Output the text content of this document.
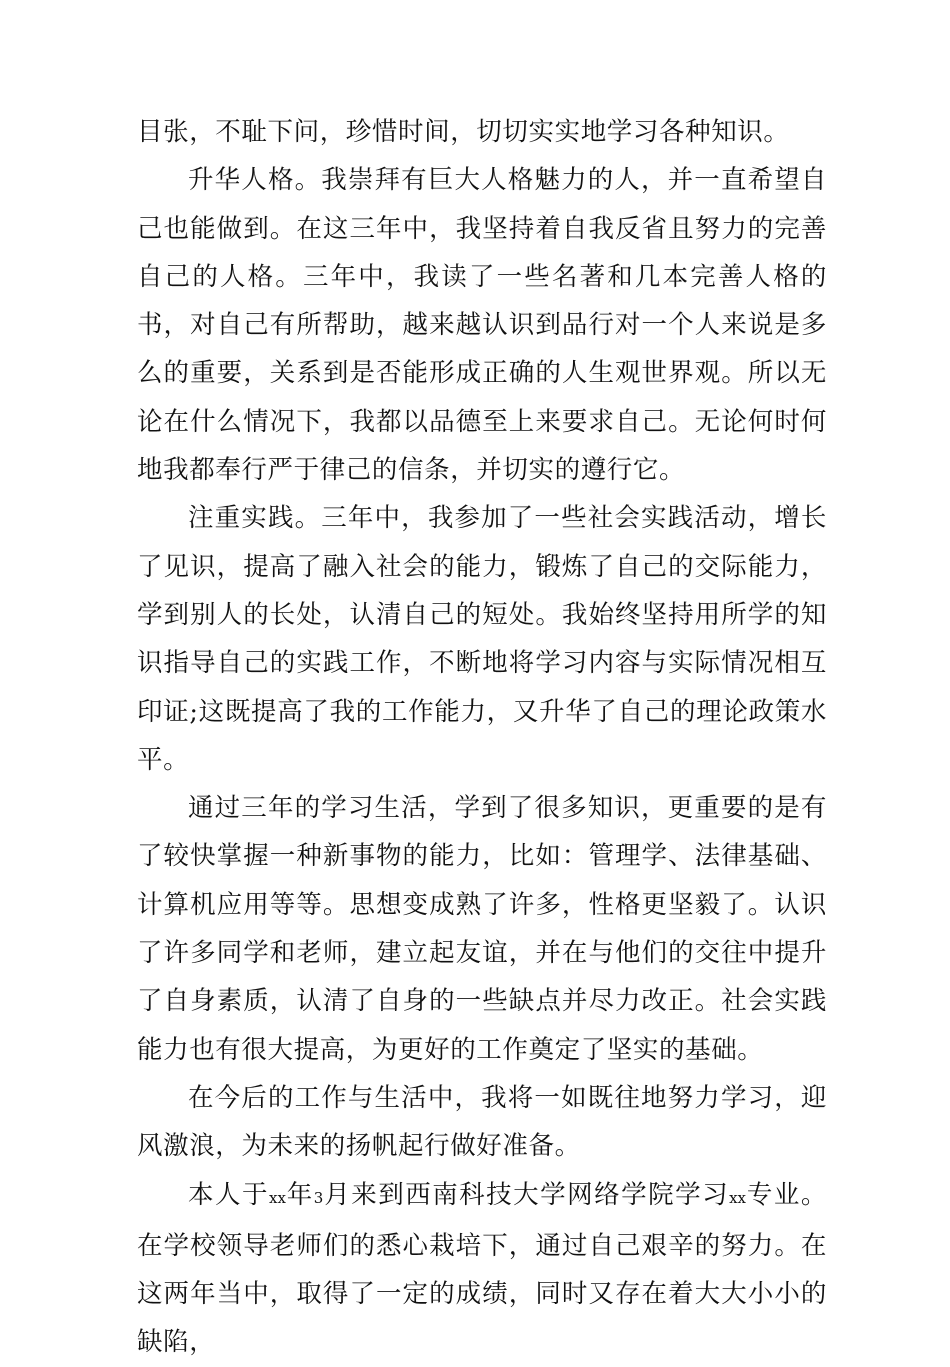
目张，不耻下问，珍惜时间，切切实实地学习各种知识。

升华人格。我崇拜有巨大人格魅力的人，并一直希望自己也能做到。在这三年中，我坚持着自我反省且努力的完善自己的人格。三年中，我读了一些名著和几本完善人格的书，对自己有所帮助，越来越认识到品行对一个人来说是多么的重要，关系到是否能形成正确的人生观世界观。所以无论在什么情况下，我都以品德至上来要求自己。无论何时何地我都奉行严于律己的信条，并切实的遵行它。

注重实践。三年中，我参加了一些社会实践活动，增长了见识，提高了融入社会的能力，锻炼了自己的交际能力，学到别人的长处，认清自己的短处。我始终坚持用所学的知识指导自己的实践工作，不断地将学习内容与实际情况相互印证;这既提高了我的工作能力，又升华了自己的理论政策水平。

通过三年的学习生活，学到了很多知识，更重要的是有了较快掌握一种新事物的能力，比如：管理学、法律基础、计算机应用等等。思想变成熟了许多，性格更坚毅了。认识了许多同学和老师，建立起友谊，并在与他们的交往中提升了自身素质，认清了自身的一些缺点并尽力改正。社会实践能力也有很大提高，为更好的工作奠定了坚实的基础。

在今后的工作与生活中，我将一如既往地努力学习，迎风激浪，为未来的扬帆起行做好准备。

本人于xx年3月来到西南科技大学网络学院学习xx专业。在学校领导老师们的悉心栽培下，通过自己艰辛的努力。在这两年当中，取得了一定的成绩，同时又存在着大大小小的缺陷，
